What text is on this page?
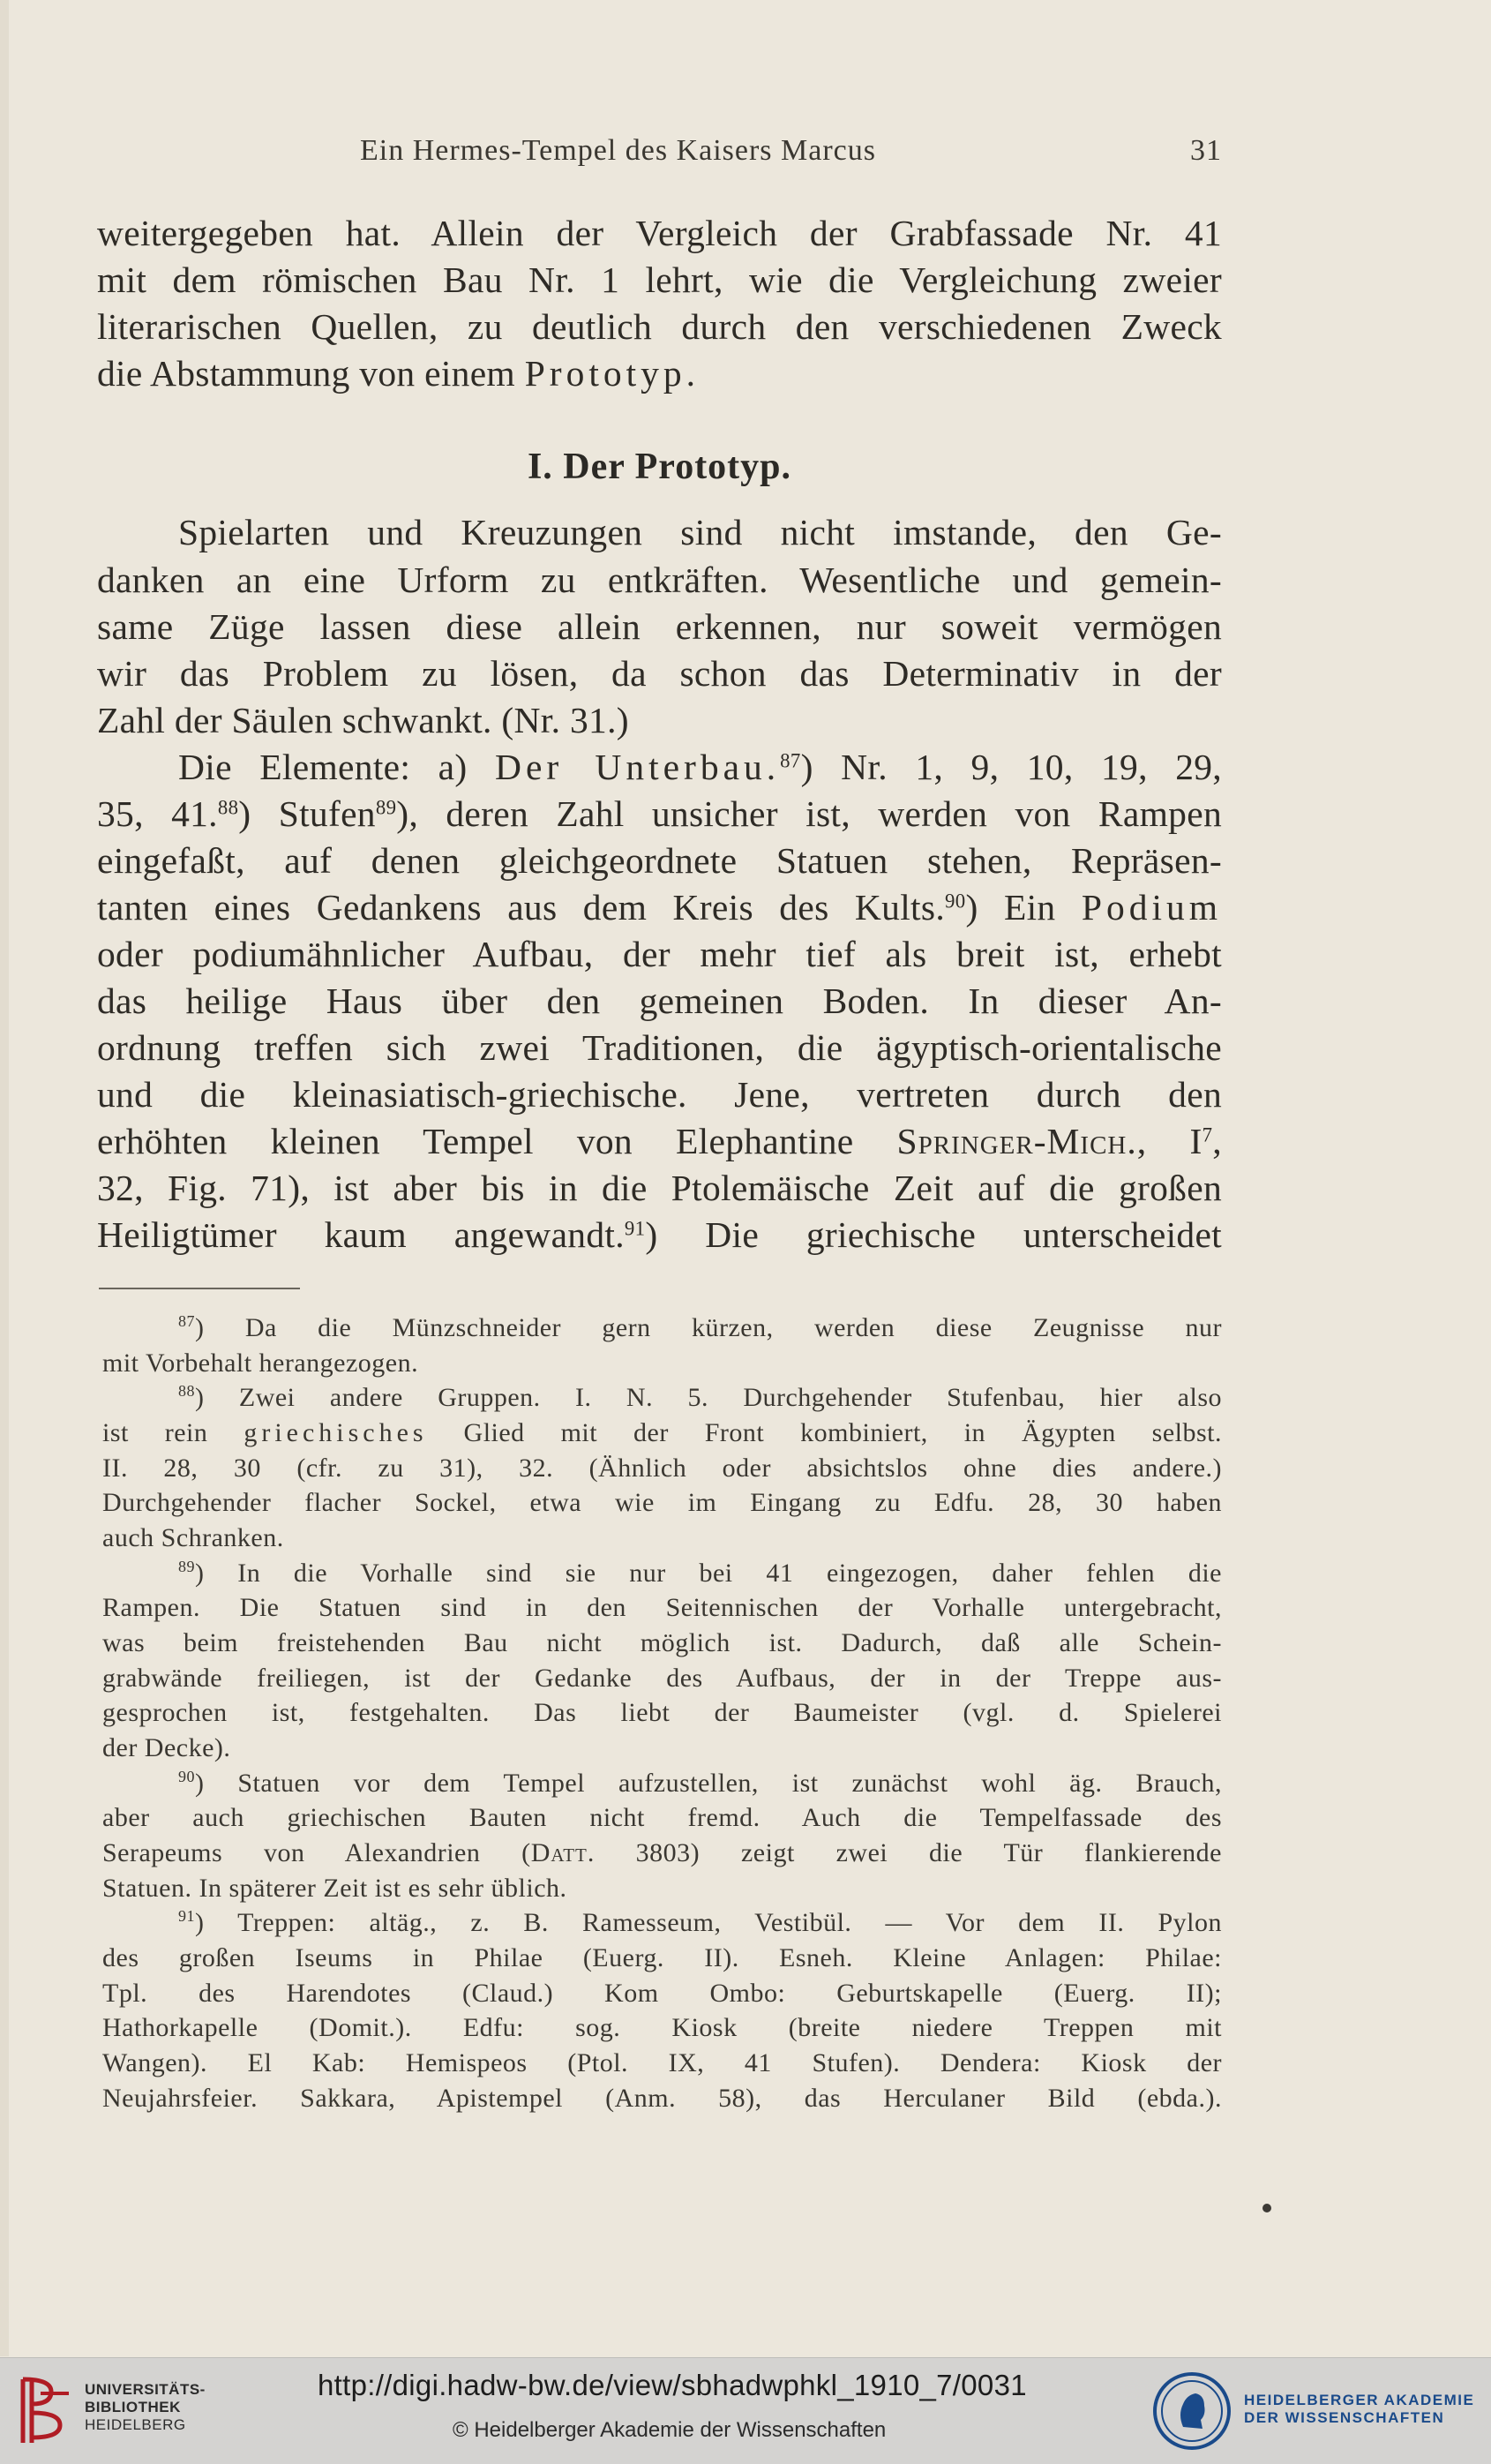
Ein Hermes-Tempel des Kaisers Marcus	31
weitergegeben hat. Allein der Vergleich der Grabfassade Nr. 41
mit dem römischen Bau Nr. 1 lehrt, wie die Vergleichung zweier
literarischen Quellen, zu deutlich durch den verschiedenen Zweck
die Abstammung von einem Prototyp.
I. Der Prototyp.
Spielarten und Kreuzungen sind nicht imstande, den Ge-
danken an eine Urform zu entkräften. Wesentliche und gemein-
same Züge lassen diese allein erkennen, nur soweit vermögen
wir das Problem zu lösen, da schon das Determinativ in der
Zahl der Säulen schwankt. (Nr. 31.)
Die Elemente: a) Der Unterbau.$^{87}$) Nr. 1, 9, 10, 19, 29,
35, 41.88) Stufen$^{89}$), deren Zahl unsicher ist, werden von Rampen
eingefaßt, auf denen gleichgeordnete Statuen stehen, Repräsen-
tanten eines Gedankens aus dem Kreis des Kults.$^{90}$) Ein Podium
oder podiumähnlicher Aufbau, der mehr tief als breit ist, erhebt
das heilige Haus über den gemeinen Boden. In dieser An-
ordnung treffen sich zwei Traditionen, die ägyptisch-orientalische
und die kleinasiatisch-griechische. Jene, vertreten durch den
erhöhten kleinen Tempel von Elephantine Springer-Mich., $I^7$,
32, Fig. 71), ist aber bis in die Ptolemäische Zeit auf die großen
Heiligtümer kaum angewandt.$^{91}$) Die griechische unterscheidet
$^{87}$) Da die Münzschneider gern kürzen, werden diese Zeugnisse nur
mit Vorbehalt herangezogen.
$^{88}$) Zwei andere Gruppen. I. N. 5. Durchgehender Stufenbau, hier also
ist rein griechisches Glied mit der Front kombiniert, in Ägypten selbst.
II. 28, 30 (cfr. zu 31), 32. (Ähnlich oder absichtslos ohne dies andere.)
Durchgehender flacher Sockel, etwa wie im Eingang zu Edfu. 28, 30 haben
auch Schranken.
$^{89}$) In die Vorhalle sind sie nur bei 41 eingezogen, daher fehlen die
Rampen. Die Statuen sind in den Seitennischen der Vorhalle untergebracht,
was beim freistehenden Bau nicht möglich ist. Dadurch, daß alle Schein-
grabwände freiliegen, ist der Gedanke des Aufbaus, der in der Treppe aus-
gesprochen ist, festgehalten. Das liebt der Baumeister (vgl. d. Spielerei
der Decke).
$^{90}$) Statuen vor dem Tempel aufzustellen, ist zunächst wohl äg. Brauch,
aber auch griechischen Bauten nicht fremd. Auch die Tempelfassade des
Serapeums von Alexandrien (Datt. 3803) zeigt zwei die Tür flankierende
Statuen. In späterer Zeit ist es sehr üblich.
$^{91}$) Treppen: altäg., z. B. Ramesseum, Vestibül. — Vor dem II. Pylon
des großen Iseums in Philae (Euerg. II). Esneh. Kleine Anlagen: Philae:
Tpl. des Harendotes (Claud.) Kom Ombo: Geburtskapelle (Euerg. II);
Hathorkapelle (Domit.). Edfu: sog. Kiosk (breite niedere Treppen mit
Wangen). El Kab: Hemispeos (Ptol. IX, 41 Stufen). Dendera: Kiosk der
Neujahrsfeier. Sakkara, Apistempel (Anm. 58), das Herculaner Bild (ebda.).
UNIVERSITÄTS-
BIBLIOTHEK
HEIDELBERG
http://digi.hadw-bw.de/view/sbhadwphkl_1910_7/0031
© Heidelberger Akademie der Wissenschaften
HEIDELBERGER AKADEMIE
DER WISSENSCHAFTEN
